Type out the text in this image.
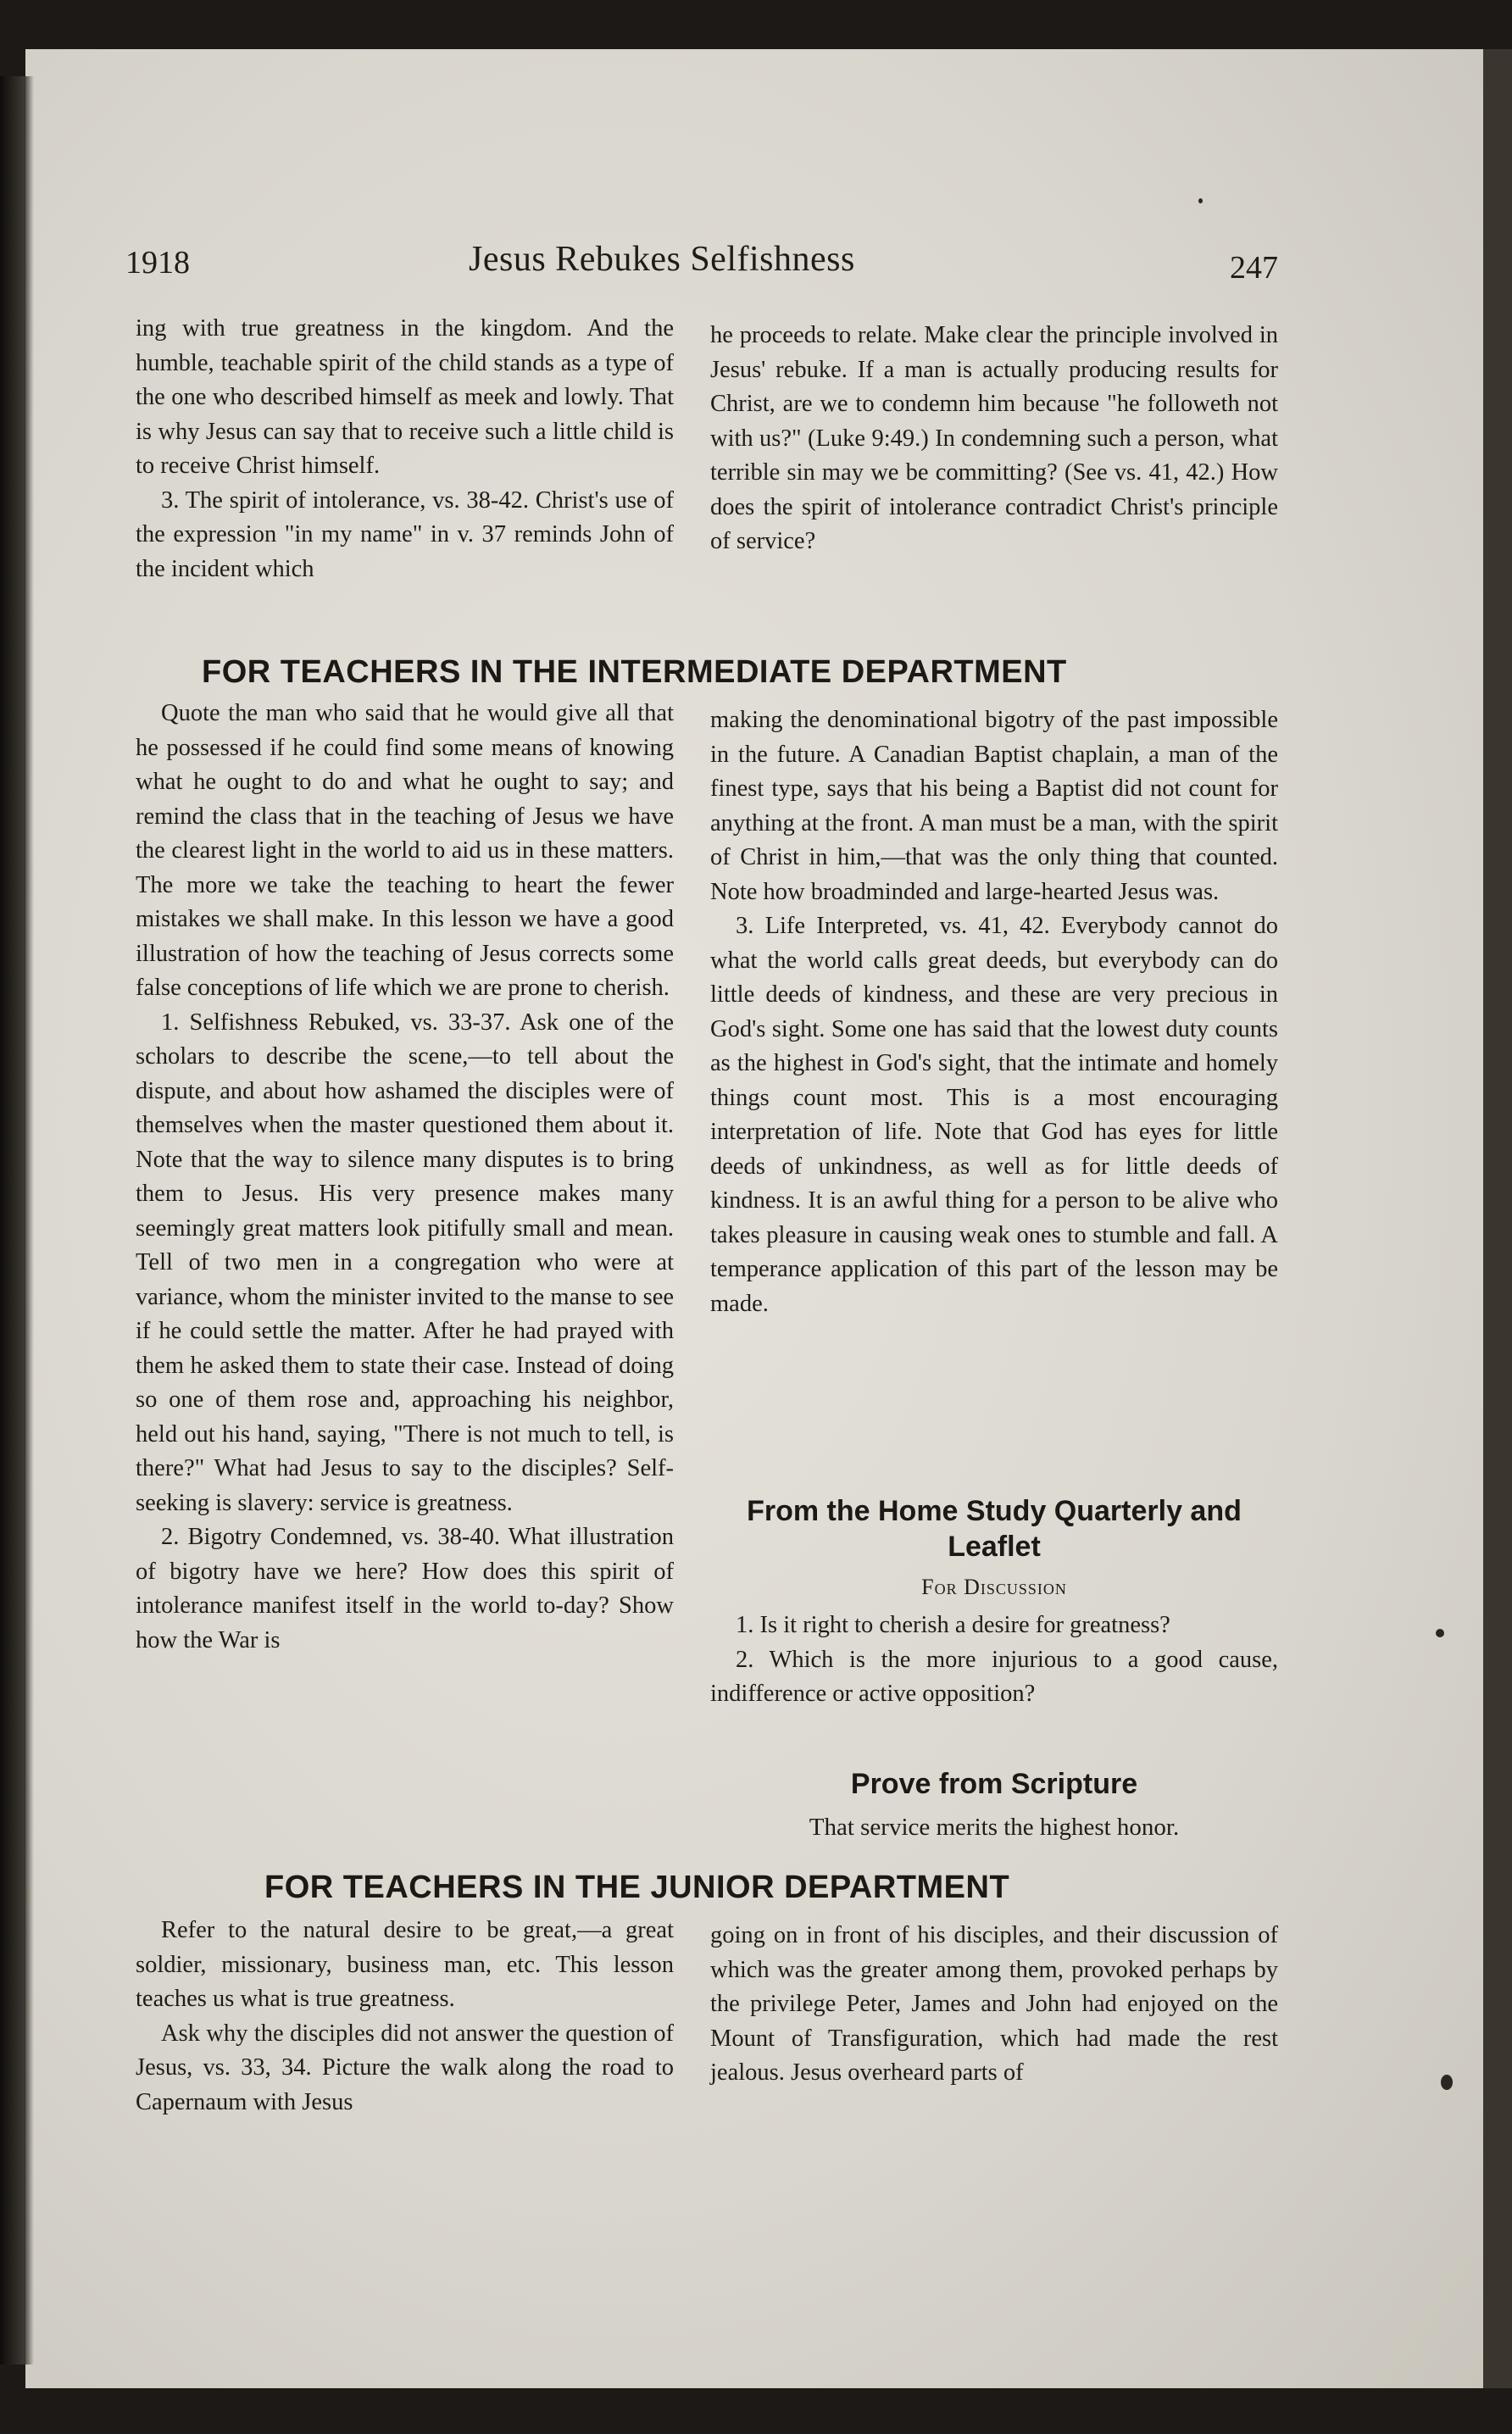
1918	Jesus Rebukes Selfishness	247

ing with true greatness in the kingdom. And the humble, teachable spirit of the child stands as a type of the one who described himself as meek and lowly. That is why Jesus can say that to receive such a little child is to receive Christ himself.

3. The spirit of intolerance, vs. 38-42. Christ's use of the expression "in my name" in v. 37 reminds John of the incident which

he proceeds to relate. Make clear the principle involved in Jesus' rebuke. If a man is actually producing results for Christ, are we to condemn him because "he followeth not with us?" (Luke 9:49.) In condemning such a person, what terrible sin may we be committing? (See vs. 41, 42.) How does the spirit of intolerance contradict Christ's principle of service?

FOR TEACHERS IN THE INTERMEDIATE DEPARTMENT

Quote the man who said that he would give all that he possessed if he could find some means of knowing what he ought to do and what he ought to say; and remind the class that in the teaching of Jesus we have the clearest light in the world to aid us in these matters. The more we take the teaching to heart the fewer mistakes we shall make. In this lesson we have a good illustration of how the teaching of Jesus corrects some false conceptions of life which we are prone to cherish.

1. Selfishness Rebuked, vs. 33-37. Ask one of the scholars to describe the scene,—to tell about the dispute, and about how ashamed the disciples were of themselves when the master questioned them about it. Note that the way to silence many disputes is to bring them to Jesus. His very presence makes many seemingly great matters look pitifully small and mean. Tell of two men in a congregation who were at variance, whom the minister invited to the manse to see if he could settle the matter. After he had prayed with them he asked them to state their case. Instead of doing so one of them rose and, approaching his neighbor, held out his hand, saying, "There is not much to tell, is there?" What had Jesus to say to the disciples? Self-seeking is slavery: service is greatness.

2. Bigotry Condemned, vs. 38-40. What illustration of bigotry have we here? How does this spirit of intolerance manifest itself in the world to-day? Show how the War is

making the denominational bigotry of the past impossible in the future. A Canadian Baptist chaplain, a man of the finest type, says that his being a Baptist did not count for anything at the front. A man must be a man, with the spirit of Christ in him,—that was the only thing that counted. Note how broadminded and large-hearted Jesus was.

3. Life Interpreted, vs. 41, 42. Everybody cannot do what the world calls great deeds, but everybody can do little deeds of kindness, and these are very precious in God's sight. Some one has said that the lowest duty counts as the highest in God's sight, that the intimate and homely things count most. This is a most encouraging interpretation of life. Note that God has eyes for little deeds of unkindness, as well as for little deeds of kindness. It is an awful thing for a person to be alive who takes pleasure in causing weak ones to stumble and fall. A temperance application of this part of the lesson may be made.

From the Home Study Quarterly and
Leaflet
For Discussion

1. Is it right to cherish a desire for greatness?

2. Which is the more injurious to a good cause, indifference or active opposition?

Prove from Scripture
That service merits the highest honor.
FOR TEACHERS IN THE JUNIOR DEPARTMENT

Refer to the natural desire to be great,—a great soldier, missionary, business man, etc. This lesson teaches us what is true greatness.

Ask why the disciples did not answer the question of Jesus, vs. 33, 34. Picture the walk along the road to Capernaum with Jesus

going on in front of his disciples, and their discussion of which was the greater among them, provoked perhaps by the privilege Peter, James and John had enjoyed on the Mount of Transfiguration, which had made the rest jealous. Jesus overheard parts of
